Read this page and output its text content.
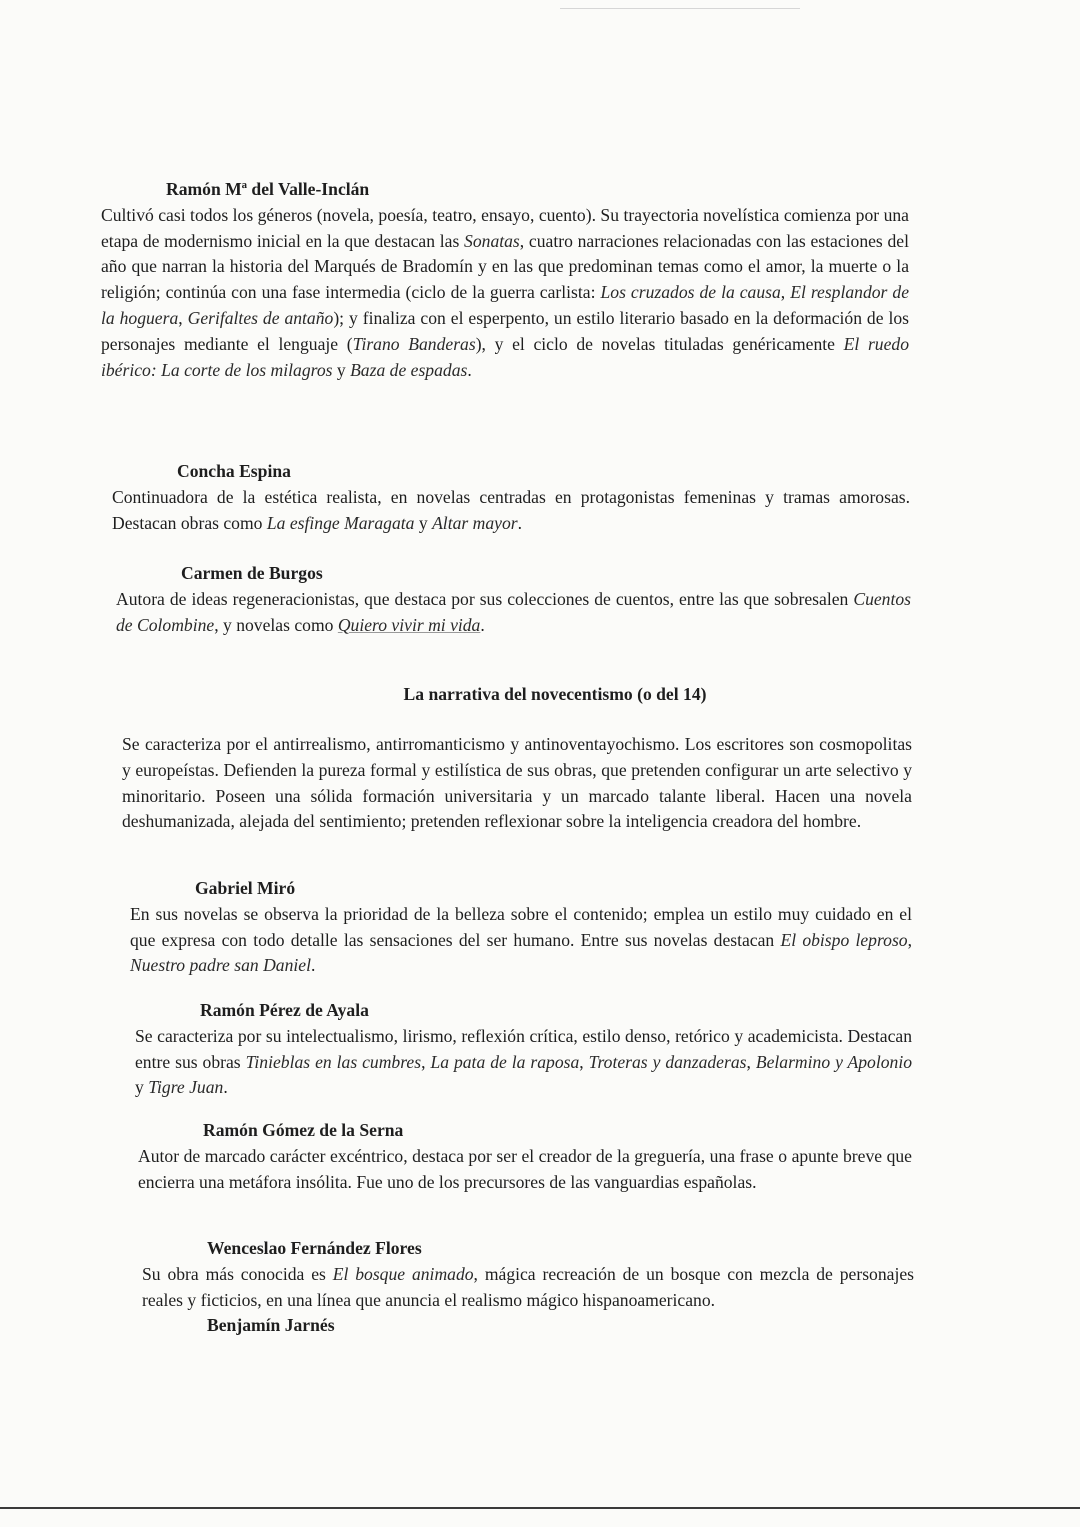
Ramón Mª del Valle-Inclán

Cultivó casi todos los géneros (novela, poesía, teatro, ensayo, cuento). Su trayectoria novelística comienza por una etapa de modernismo inicial en la que destacan las Sonatas, cuatro narraciones relacionadas con las estaciones del año que narran la historia del Marqués de Bradomín y en las que predominan temas como el amor, la muerte o la religión; continúa con una fase intermedia (ciclo de la guerra carlista: Los cruzados de la causa, El resplandor de la hoguera, Gerifaltes de antaño); y finaliza con el esperpento, un estilo literario basado en la deformación de los personajes mediante el lenguaje (Tirano Banderas), y el ciclo de novelas tituladas genéricamente El ruedo ibérico: La corte de los milagros y Baza de espadas.

Concha Espina

Continuadora de la estética realista, en novelas centradas en protagonistas femeninas y tramas amorosas. Destacan obras como La esfinge Maragata y Altar mayor.

Carmen de Burgos

Autora de ideas regeneracionistas, que destaca por sus colecciones de cuentos, entre las que sobresalen Cuentos de Colombine, y novelas como Quiero vivir mi vida.

La narrativa del novecentismo (o del 14)

Se caracteriza por el antirrealismo, antirromanticismo y antinoventayochismo. Los escritores son cosmopolitas y europeístas. Defienden la pureza formal y estilística de sus obras, que pretenden configurar un arte selectivo y minoritario. Poseen una sólida formación universitaria y un marcado talante liberal. Hacen una novela deshumanizada, alejada del sentimiento; pretenden reflexionar sobre la inteligencia creadora del hombre.

Gabriel Miró

En sus novelas se observa la prioridad de la belleza sobre el contenido; emplea un estilo muy cuidado en el que expresa con todo detalle las sensaciones del ser humano. Entre sus novelas destacan El obispo leproso, Nuestro padre san Daniel.

Ramón Pérez de Ayala

Se caracteriza por su intelectualismo, lirismo, reflexión crítica, estilo denso, retórico y academicista. Destacan entre sus obras Tinieblas en las cumbres, La pata de la raposa, Troteras y danzaderas, Belarmino y Apolonio y Tigre Juan.

Ramón Gómez de la Serna

Autor de marcado carácter excéntrico, destaca por ser el creador de la greguería, una frase o apunte breve que encierra una metáfora insólita. Fue uno de los precursores de las vanguardias españolas.

Wenceslao Fernández Flores

Su obra más conocida es El bosque animado, mágica recreación de un bosque con mezcla de personajes reales y ficticios, en una línea que anuncia el realismo mágico hispanoamericano.

Benjamín Jarnés
